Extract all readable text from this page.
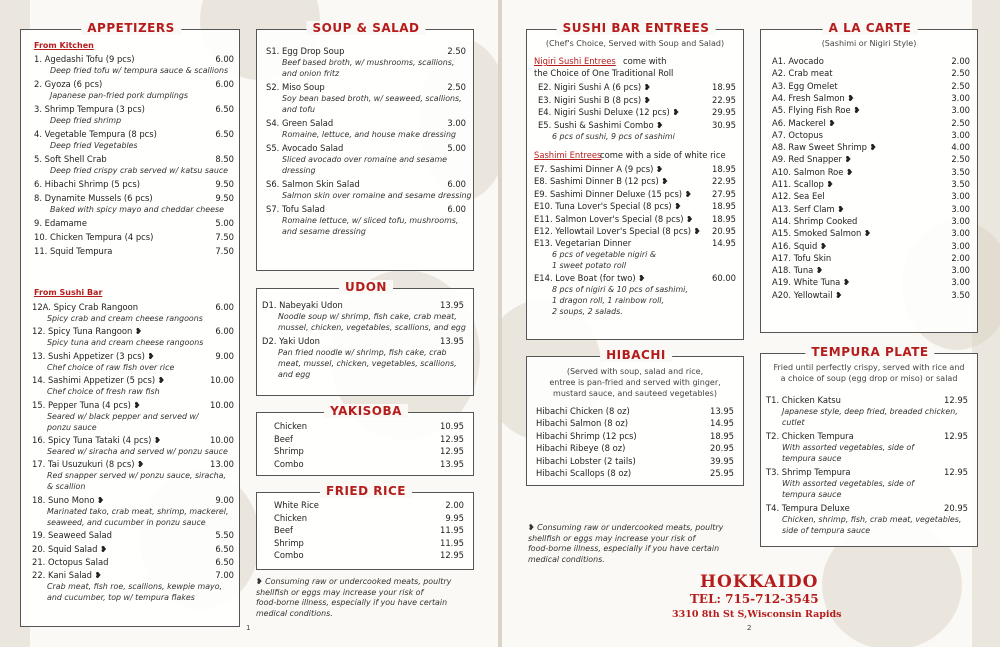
APPETIZERS	SOUP & SALAD
UDON
YAKISOBA
FRIED RICE
SUSHI BAR ENTREES	A LA CARTE
HIBACHI	TEMPURA PLATE
From Kitchen
1. Agedashi Tofu (9 pcs)	6.00
Deep fried tofu w/ tempura sauce & scallions
2. Gyoza (6 pcs)	6.00
Japanese pan-fried pork dumplings
3. Shrimp Tempura (3 pcs)	6.50
Deep fried shrimp
4. Vegetable Tempura (8 pcs)	6.50
Deep fried Vegetables
5. Soft Shell Crab	8.50
Deep fried crispy crab served w/ katsu sauce
6. Hibachi Shrimp (5 pcs)	9.50
8. Dynamite Mussels (6 pcs)	9.50
Baked with spicy mayo and cheddar cheese
9. Edamame	5.00
10. Chicken Tempura (4 pcs)	7.50
11. Squid Tempura	7.50
From Sushi Bar
12A. Spicy Crab Rangoon	6.00
Spicy crab and cream cheese rangoons
12. Spicy Tuna Rangoon ❥	6.00
Spicy tuna and cream cheese rangoons
13. Sushi Appetizer (3 pcs) ❥	9.00
Chef choice of raw fish over rice
14. Sashimi Appetizer (5 pcs) ❥	10.00
Chef choice of fresh raw fish
15. Pepper Tuna (4 pcs) ❥	10.00
Seared w/ black pepper and served w/
ponzu sauce
16. Spicy Tuna Tataki (4 pcs) ❥	10.00
Seared w/ siracha and served w/ ponzu sauce
17. Tai Usuzukuri (8 pcs) ❥	13.00
Red snapper served w/ ponzu sauce, siracha,
& scallion
18. Suno Mono ❥	9.00
Marinated tako, crab meat, shrimp, mackerel,
seaweed, and cucumber in ponzu sauce
19. Seaweed Salad	5.50
20. Squid Salad ❥	6.50
21. Octopus Salad	6.50
22. Kani Salad ❥	7.00
Crab meat, fish roe, scallions, kewpie mayo,
and cucumber, top w/ tempura flakes
S1. Egg Drop Soup	2.50
Beef based broth, w/ mushrooms, scallions,
and onion fritz
S2. Miso Soup	2.50
Soy bean based broth, w/ seaweed, scallions,
and tofu
S4. Green Salad	3.00
Romaine, lettuce, and house make dressing
S5. Avocado Salad	5.00
Sliced avocado over romaine and sesame
dressing
S6. Salmon Skin Salad	6.00
Salmon skin over romaine and sesame dressing
S7. Tofu Salad	6.00
Romaine lettuce, w/ sliced tofu, mushrooms,
and sesame dressing
D1. Nabeyaki Udon	13.95
Noodle soup w/ shrimp, fish cake, crab meat,
mussel, chicken, vegetables, scallions, and egg
D2. Yaki Udon	13.95
Pan fried noodle w/ shrimp, fish cake, crab
meat, mussel, chicken, vegetables, scallions,
and egg
Chicken	10.95
Beef	12.95
Shrimp	12.95
Combo	13.95
White Rice	2.00
Chicken	9.95
Beef	11.95
Shrimp	11.95
Combo	12.95
❥ Consuming raw or undercooked meats, poultry
shellfish or eggs may increase your risk of
food-borne illness, especially if you have certain
medical conditions.
(Chef's Choice, Served with Soup and Salad)
Nigiri Sushi Entrees come with
the Choice of One Traditional Roll
E2. Nigiri Sushi A (6 pcs) ❥	18.95
E3. Nigiri Sushi B (8 pcs) ❥	22.95
E4. Nigiri Sushi Deluxe (12 pcs) ❥	29.95
E5. Sushi & Sashimi Combo ❥	30.95
6 pcs of sushi, 9 pcs of sashimi
Sashimi Entrees
come with a side of white rice
E7. Sashimi Dinner A (9 pcs) ❥	18.95
E8. Sashimi Dinner B (12 pcs) ❥	22.95
E9. Sashimi Dinner Deluxe (15 pcs) ❥	27.95
E10. Tuna Lover's Special (8 pcs) ❥	18.95
E11. Salmon Lover's Special (8 pcs) ❥	18.95
E12. Yellowtail Lover's Special (8 pcs) ❥	20.95
E13. Vegetarian Dinner	14.95
6 pcs of vegetable nigiri &
1 sweet potato roll
E14. Love Boat (for two) ❥	60.00
8 pcs of nigiri & 10 pcs of sashimi,
1 dragon roll, 1 rainbow roll,
2 soups, 2 salads.
(Sashimi or Nigiri Style)
A1. Avocado	2.00
A2. Crab meat	2.50
A3. Egg Omelet	2.50
A4. Fresh Salmon ❥	3.00
A5. Flying Fish Roe ❥	3.00
A6. Mackerel ❥	2.50
A7. Octopus	3.00
A8. Raw Sweet Shrimp ❥	4.00
A9. Red Snapper ❥	2.50
A10. Salmon Roe ❥	3.50
A11. Scallop ❥	3.50
A12. Sea Eel	3.00
A13. Serf Clam ❥	3.00
A14. Shrimp Cooked	3.00
A15. Smoked Salmon ❥	3.00
A16. Squid ❥	3.00
A17. Tofu Skin	2.00
A18. Tuna ❥	3.00
A19. White Tuna ❥	3.00
A20. Yellowtail ❥	3.50
(Served with soup, salad and rice,
entree is pan-fried and served with ginger,
mustard sauce, and sauteed vegetables)
Hibachi Chicken (8 oz)	13.95
Hibachi Salmon (8 oz)	14.95
Hibachi Shrimp (12 pcs)	18.95
Hibachi Ribeye (8 oz)	20.95
Hibachi Lobster (2 tails)	39.95
Hibachi Scallops (8 oz)	25.95
Fried until perfectly crispy, served with rice and
a choice of soup (egg drop or miso) or salad
T1. Chicken Katsu	12.95
Japanese style, deep fried, breaded chicken,
cutlet
T2. Chicken Tempura	12.95
With assorted vegetables, side of
tempura sauce
T3. Shrimp Tempura	12.95
With assorted vegetables, side of
tempura sauce
T4. Tempura Deluxe	20.95
Chicken, shrimp, fish, crab meat, vegetables,
side of tempura sauce
❥ Consuming raw or undercooked meats, poultry
shellfish or eggs may increase your risk of
food-borne illness, especially if you have certain
medical conditions.
HOKKAIDO
TEL: 715-712-3545
3310 8th St S,Wisconsin Rapids
1	2
